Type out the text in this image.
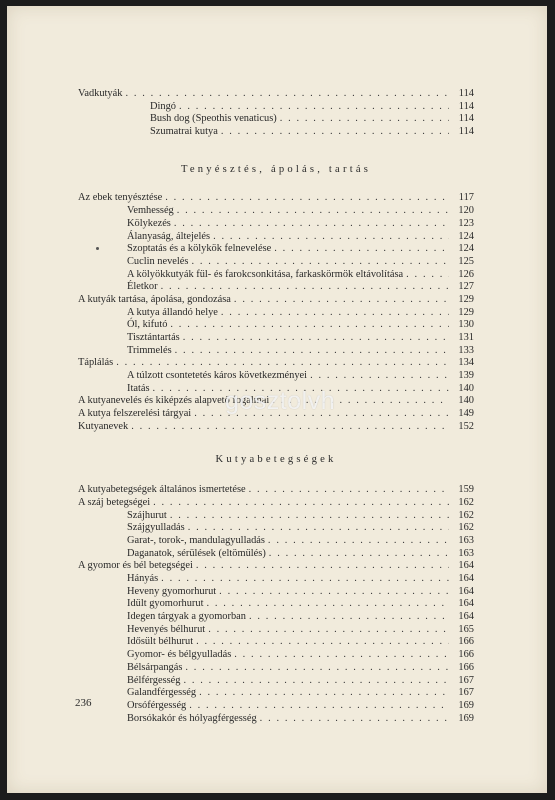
Vadkutyák . . .	114
Dingó . . .	114
Bush dog (Speothis venaticus) . . .	114
Szumatrai kutya . . .	114
Tenyésztés, ápolás, tartás
Az ebek tenyésztése . . .	117
Vemhesség . . .	120
Kölykezés . . .	123
Álanyaság, áltejelés . . .	124
Szoptatás és a kölykök felnevelése . . .	124
Cuclin nevelés . . .	125
A kölyökkutyák fül- és farokcsonkitása, farkaskörmök eltávolítása . . .	126
Életkor . . .	127
A kutyák tartása, ápolása, gondozása . . .	129
A kutya állandó helye . . .	129
Ól, kifutó . . .	130
Tisztántartás . . .	131
Trimmelés . . .	133
Táplálás . . .	134
A túlzott csontetetés káros következményei . . .	139
Itatás . . .	140
A kutyanevelés és kiképzés alapvető fogalmai . . .	140
A kutya felszerelési tárgyai . . .	149
Kutyanevek . . .	152
Kutyabetegségek
A kutyabetegségek általános ismertetése . . .	159
A száj betegségei . . .	162
Szájhurut . . .	162
Szájgyulladás . . .	162
Garat-, torok-, mandulagyulladás . . .	163
Daganatok, sérülések (eltömülés) . . .	163
A gyomor és bél betegségei . . .	164
Hányás . . .	164
Heveny gyomorhurut . . .	164
Idült gyomorhurut . . .	164
Idegen tárgyak a gyomorban . . .	164
Hevenyés bélhurut . . .	165
Idősült bélhurut . . .	166
Gyomor- és bélgyulladás . . .	166
Bélsárpangás . . .	166
Bélférgesség . . .	167
Galandférgesség . . .	167
Orsóférgesség . . .	169
Borsókakór és hólyagférgesség . . .	169
gosztolvh
236
